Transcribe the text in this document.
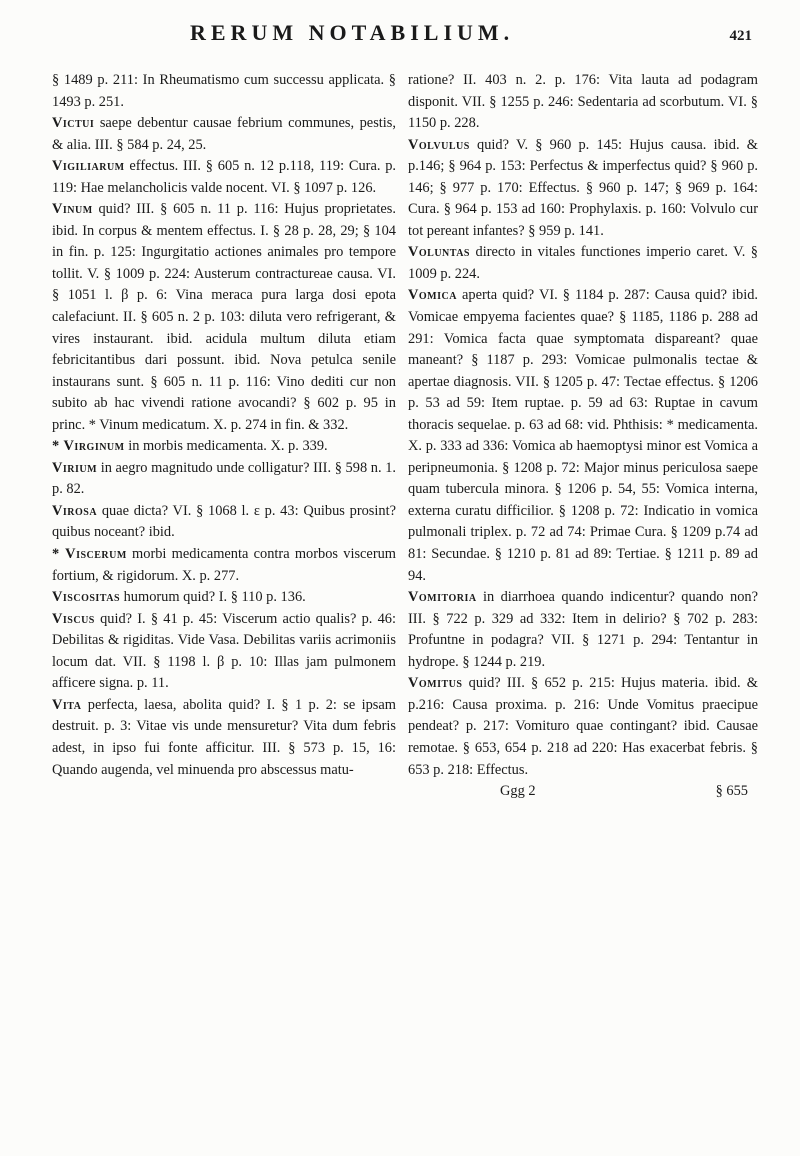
RERUM NOTABILIUM.	421

§ 1489 p. 211: In Rheumatismo cum successu applicata. § 1493 p. 251.

Victui saepe debentur causae febrium communes, pestis, & alia. III. § 584 p. 24, 25.

Vigiliarum effectus. III. § 605 n. 12 p.118, 119: Cura. p. 119: Hae melancholicis valde nocent. VI. § 1097 p. 126.

Vinum quid? III. § 605 n. 11 p. 116: Hujus proprietates. ibid. In corpus & mentem effectus. I. § 28 p. 28, 29; § 104 in fin. p. 125: Ingurgitatio actiones animales pro tempore tollit. V. § 1009 p. 224: Austerum contractureae causa. VI. § 1051 l. β p. 6: Vina meraca pura larga dosi epota calefaciunt. II. § 605 n. 2 p. 103: diluta vero refrigerant, & vires instaurant. ibid. acidula multum diluta etiam febricitantibus dari possunt. ibid. Nova petulca senile instaurans sunt. § 605 n. 11 p. 116: Vino dediti cur non subito ab hac vivendi ratione avocandi? § 602 p. 95 in princ. * Vinum medicatum. X. p. 274 in fin. & 332.

* Virginum in morbis medicamenta. X. p. 339.

Virium in aegro magnitudo unde colligatur? III. § 598 n. 1. p. 82.

Virosa quae dicta? VI. § 1068 l. ε p. 43: Quibus prosint? quibus noceant? ibid.

* Viscerum morbi medicamenta contra morbos viscerum fortium, & rigidorum. X. p. 277.

Viscositas humorum quid? I. § 110 p. 136.

Viscus quid? I. § 41 p. 45: Viscerum actio qualis? p. 46: Debilitas & rigiditas. Vide Vasa. Debilitas variis acrimoniis locum dat. VII. § 1198 l. β p. 10: Illas jam pulmonem afficere signa. p. 11.

Vita perfecta, laesa, abolita quid? I. § 1 p. 2: se ipsam destruit. p. 3: Vitae vis unde mensuretur? Vita dum febris adest, in ipso fui fonte afficitur. III. § 573 p. 15, 16: Quando augenda, vel minuenda pro abscessus matu-

ratione? II. 403 n. 2. p. 176: Vita lauta ad podagram disponit. VII. § 1255 p. 246: Sedentaria ad scorbutum. VI. § 1150 p. 228.

Volvulus quid? V. § 960 p. 145: Hujus causa. ibid. & p.146; § 964 p. 153: Perfectus & imperfectus quid? § 960 p. 146; § 977 p. 170: Effectus. § 960 p. 147; § 969 p. 164: Cura. § 964 p. 153 ad 160: Prophylaxis. p. 160: Volvulo cur tot pereant infantes? § 959 p. 141.

Voluntas directo in vitales functiones imperio caret. V. § 1009 p. 224.

Vomica aperta quid? VI. § 1184 p. 287: Causa quid? ibid. Vomicae empyema facientes quae? § 1185, 1186 p. 288 ad 291: Vomica facta quae symptomata dispareant? quae maneant? § 1187 p. 293: Vomicae pulmonalis tectae & apertae diagnosis. VII. § 1205 p. 47: Tectae effectus. § 1206 p. 53 ad 59: Item ruptae. p. 59 ad 63: Ruptae in cavum thoracis sequelae. p. 63 ad 68: vid. Phthisis: * medicamenta. X. p. 333 ad 336: Vomica ab haemoptysi minor est Vomica a peripneumonia. § 1208 p. 72: Major minus periculosa saepe quam tubercula minora. § 1206 p. 54, 55: Vomica interna, externa curatu difficilior. § 1208 p. 72: Indicatio in vomica pulmonali triplex. p. 72 ad 74: Primae Cura. § 1209 p.74 ad 81: Secundae. § 1210 p. 81 ad 89: Tertiae. § 1211 p. 89 ad 94.

Vomitoria in diarrhoea quando indicentur? quando non? III. § 722 p. 329 ad 332: Item in delirio? § 702 p. 283: Profuntne in podagra? VII. § 1271 p. 294: Tentantur in hydrope. § 1244 p. 219.

Vomitus quid? III. § 652 p. 215: Hujus materia. ibid. & p.216: Causa proxima. p. 216: Unde Vomitus praecipue pendeat? p. 217: Vomituro quae contingant? ibid. Causae remotae. § 653, 654 p. 218 ad 220: Has exacerbat febris. § 653 p. 218: Effectus.

Ggg 2	§ 655
